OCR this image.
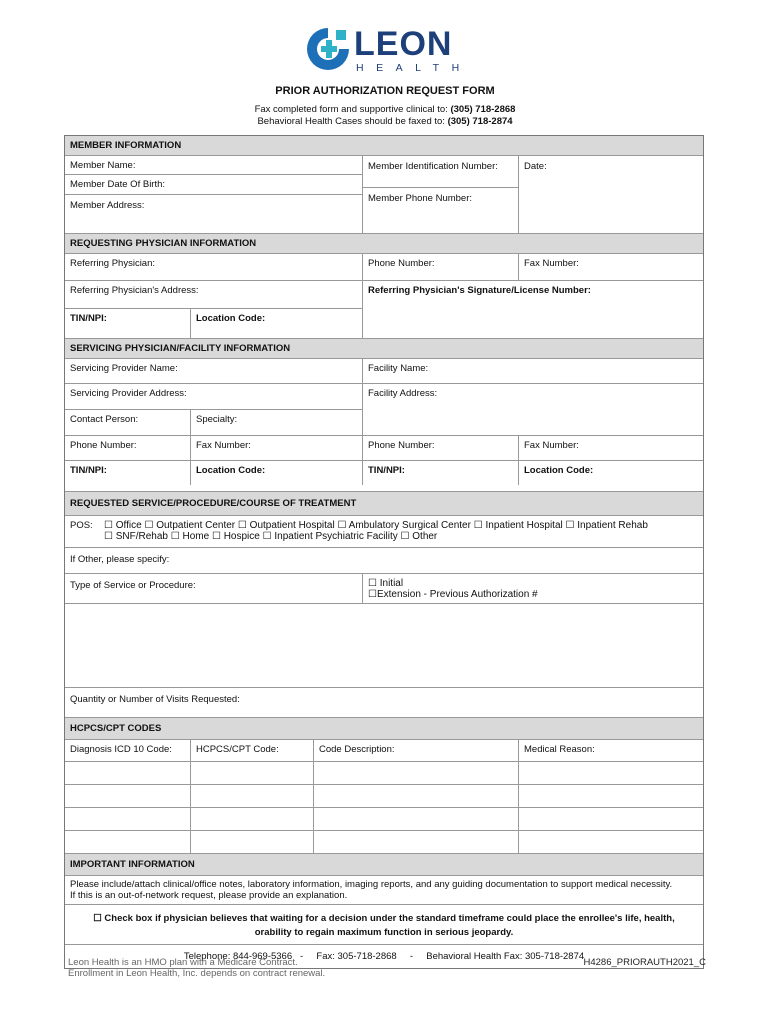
LEON
HEALTH
PRIOR AUTHORIZATION REQUEST FORM
Fax completed form and supportive clinical to: (305) 718-2868
Behavioral Health Cases should be faxed to: (305) 718-2874
MEMBER INFORMATION
Member Name:
Member Date Of Birth:
Member Address:
Member Identification Number:
Member Phone Number:
Date:
REQUESTING PHYSICIAN INFORMATION
Referring Physician:	Phone Number:	Fax Number:
Referring Physician's Address:
TIN/NPI:	Location Code:
Referring Physician's Signature/License Number:
SERVICING PHYSICIAN/FACILITY INFORMATION
Servicing Provider Name:	Facility Name:
Servicing Provider Address:
Contact Person:	Specialty:
Facility Address:
Phone Number:	Fax Number:	Phone Number:	Fax Number:
TIN/NPI:	Location Code:	TIN/NPI:	Location Code:
REQUESTED SERVICE/PROCEDURE/COURSE OF TREATMENT
POS:	☐ Office ☐ Outpatient Center ☐ Outpatient Hospital ☐ Ambulatory Surgical Center ☐ Inpatient Hospital ☐ Inpatient Rehab
☐ SNF/Rehab ☐ Home ☐ Hospice ☐ Inpatient Psychiatric Facility ☐ Other
If Other, please specify:
Type of Service or Procedure:	☐ Initial
☐Extension - Previous Authorization #
Quantity or Number of Visits Requested:
HCPCS/CPT CODES
Diagnosis ICD 10 Code:	HCPCS/CPT Code:	Code Description:	Medical Reason:
IMPORTANT INFORMATION
Please include/attach clinical/office notes, laboratory information, imaging reports, and any guiding documentation to support medical necessity.
If this is an out-of-network request, please provide an explanation.
☐ Check box if physician believes that waiting for a decision under the standard timeframe could place the enrollee's life, health,
orability to regain maximum function in serious jeopardy.
Telephone: 844-969-5366   -     Fax: 305-718-2868     -     Behavioral Health Fax: 305-718-2874
Leon Health is an HMO plan with a Medicare Contract.
Enrollment in Leon Health, Inc. depends on contract renewal.
H4286_PRIORAUTH2021_C
